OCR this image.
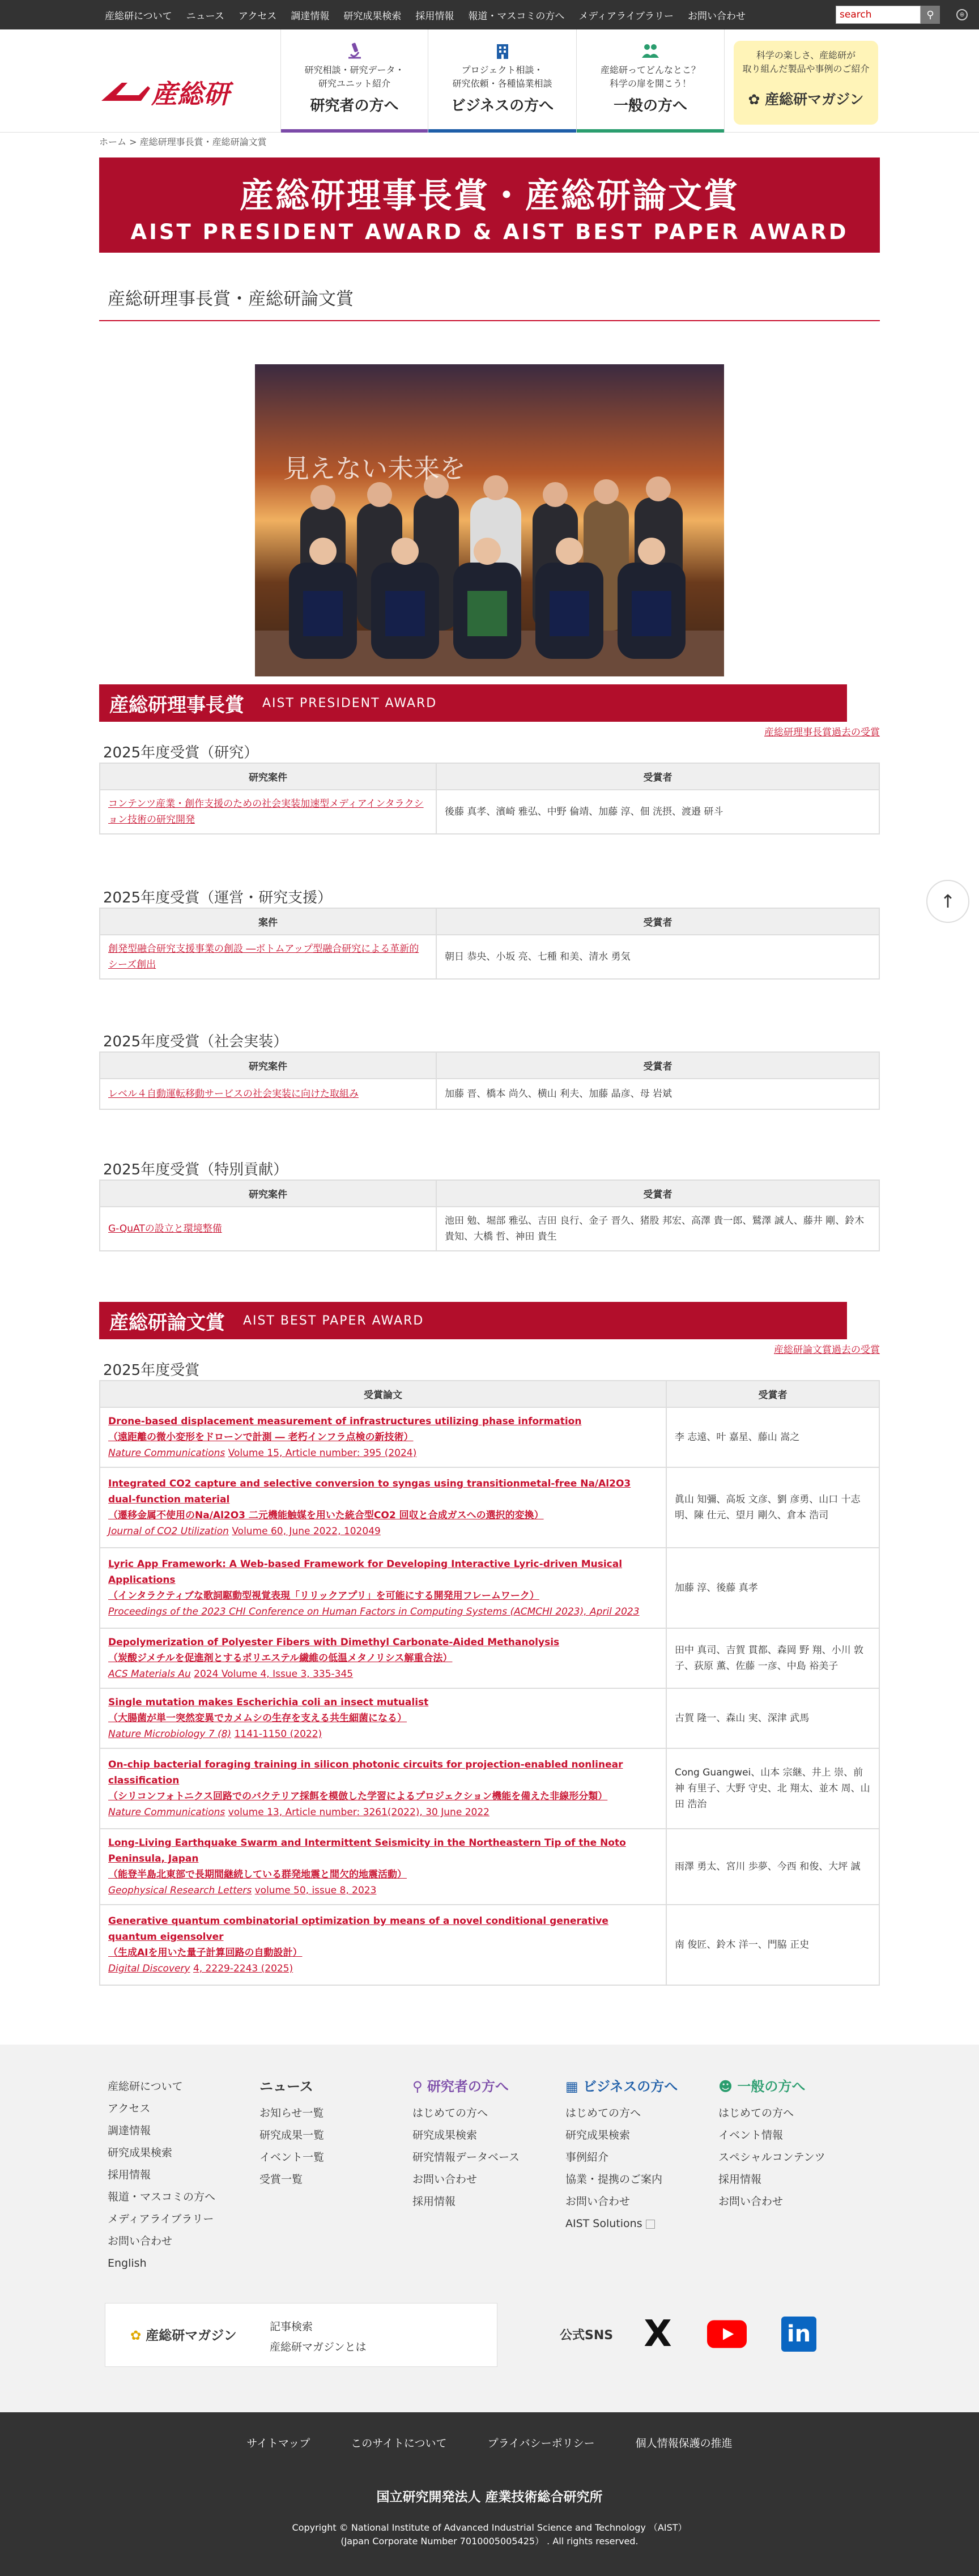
産総研について ニュース アクセス 調達情報 研究成果検索 採用情報 報道・マスコミの方へ メディアライブラリー お問い合わせ
search	⚲	⊕
産総研
研究相談・研究データ・
研究ユニット紹介
研究者の方へ
プロジェクト相談・
研究依頼・各種協業相談
ビジネスの方へ
産総研ってどんなとこ？
科学の扉を開こう！
一般の方へ
科学の楽しさ、産総研が
取り組んだ製品や事例のご紹介
✿ 産総研マガジン
ホーム > 産総研理事長賞・産総研論文賞
産総研理事長賞・産総研論文賞
AIST PRESIDENT AWARD & AIST BEST PAPER AWARD
産総研理事長賞・産総研論文賞
見えない未来を
産総研理事長賞 AIST PRESIDENT AWARD
産総研理事長賞過去の受賞
2025年度受賞（研究）
研究案件	受賞者
コンテンツ産業・創作支援のための社会実装加速型メディアインタラクション技術の研究開発	後藤 真孝、濱崎 雅弘、中野 倫靖、加藤 淳、佃 洸摂、渡邉 研斗
2025年度受賞（運営・研究支援）
案件	受賞者
創発型融合研究支援事業の創設 ―ボトムアップ型融合研究による革新的シーズ創出	朝日 恭央、小坂 亮、七種 和美、清水 勇気
2025年度受賞（社会実装）
研究案件	受賞者
レベル４自動運転移動サービスの社会実装に向けた取組み	加藤 晋、橋本 尚久、横山 利夫、加藤 晶彦、母 岩斌
2025年度受賞（特別貢献）
研究案件	受賞者
G-QuATの設立と環境整備	池田 勉、堀部 雅弘、吉田 良行、金子 晋久、猪股 邦宏、高澤 貴一郎、鷲澤 誠人、藤井 剛、鈴木 貴知、大橋 哲、神田 貴生
産総研論文賞 AIST BEST PAPER AWARD
産総研論文賞過去の受賞
2025年度受賞
受賞論文	受賞者

Drone-based displacement measurement of infrastructures utilizing phase information
（遠距離の微小変形をドローンで計測 ― 老朽インフラ点検の新技術）
Nature Communications Volume 15, Article number: 395 (2024)	李 志遠、叶 嘉星、藤山 嵩之

Integrated CO2 capture and selective conversion to syngas using transitionmetal-free Na/Al2O3 dual-function material
（遷移金属不使用のNa/Al2O3 二元機能触媒を用いた統合型CO2 回収と合成ガスへの選択的変換）
Journal of CO2 Utilization Volume 60, June 2022, 102049	眞山 知彌、高坂 文彦、劉 彦勇、山口 十志明、陳 仕元、望月 剛久、倉本 浩司

Lyric App Framework: A Web-based Framework for Developing Interactive Lyric-driven Musical Applications
（インタラクティブな歌詞駆動型視覚表現「リリックアプリ」を可能にする開発用フレームワーク）
Proceedings of the 2023 CHI Conference on Human Factors in Computing Systems (ACMCHI 2023), April 2023	加藤 淳、後藤 真孝

Depolymerization of Polyester Fibers with Dimethyl Carbonate-Aided Methanolysis
（炭酸ジメチルを促進剤とするポリエステル繊維の低温メタノリシス解重合法）
ACS Materials Au 2024 Volume 4, Issue 3, 335-345	田中 真司、吉賀 貫都、森岡 野 翔、小川 敦子、荻原 薫、佐藤 一彦、中島 裕美子

Single mutation makes Escherichia coli an insect mutualist
（大腸菌が単一突然変異でカメムシの生存を支える共生細菌になる）
Nature Microbiology 7 (8) 1141-1150 (2022)	古賀 隆一、森山 実、深津 武馬

On-chip bacterial foraging training in silicon photonic circuits for projection-enabled nonlinear classification
（シリコンフォトニクス回路でのバクテリア採餌を模倣した学習によるプロジェクション機能を備えた非線形分類）
Nature Communications volume 13, Article number: 3261(2022), 30 June 2022	Cong Guangwei、山本 宗継、井上 崇、前神 有里子、大野 守史、北 翔太、並木 周、山田 浩治

Long-Living Earthquake Swarm and Intermittent Seismicity in the Northeastern Tip of the Noto Peninsula, Japan
（能登半島北東部で長期間継続している群発地震と間欠的地震活動）
Geophysical Research Letters volume 50, issue 8, 2023	雨澤 勇太、宮川 歩夢、今西 和俊、大坪 誠

Generative quantum combinatorial optimization by means of a novel conditional generative quantum eigensolver
（生成AIを用いた量子計算回路の自動設計）
Digital Discovery 4, 2229-2243 (2025)	南 俊匠、鈴木 洋一、門脇 正史
↑
産総研について
アクセス
調達情報
研究成果検索
採用情報
報道・マスコミの方へ
メディアライブラリー
お問い合わせ
English
ニュース
お知らせ一覧
研究成果一覧
イベント一覧
受賞一覧
⚲ 研究者の方へ
はじめての方へ
研究成果検索
研究情報データベース
お問い合わせ
採用情報
▦ ビジネスの方へ
はじめての方へ
研究成果検索
事例紹介
協業・提携のご案内
お問い合わせ
AIST Solutions
☻ 一般の方へ
はじめての方へ
イベント情報
スペシャルコンテンツ
採用情報
お問い合わせ
✿ 産総研マガジン
記事検索
産総研マガジンとは
公式SNS X	in
サイトマップ	このサイトについて	プライバシーポリシー	個人情報保護の推進
国立研究開発法人 産業技術総合研究所
Copyright © National Institute of Advanced Industrial Science and Technology （AIST）
(Japan Corporate Number 7010005005425） . All rights reserved.
